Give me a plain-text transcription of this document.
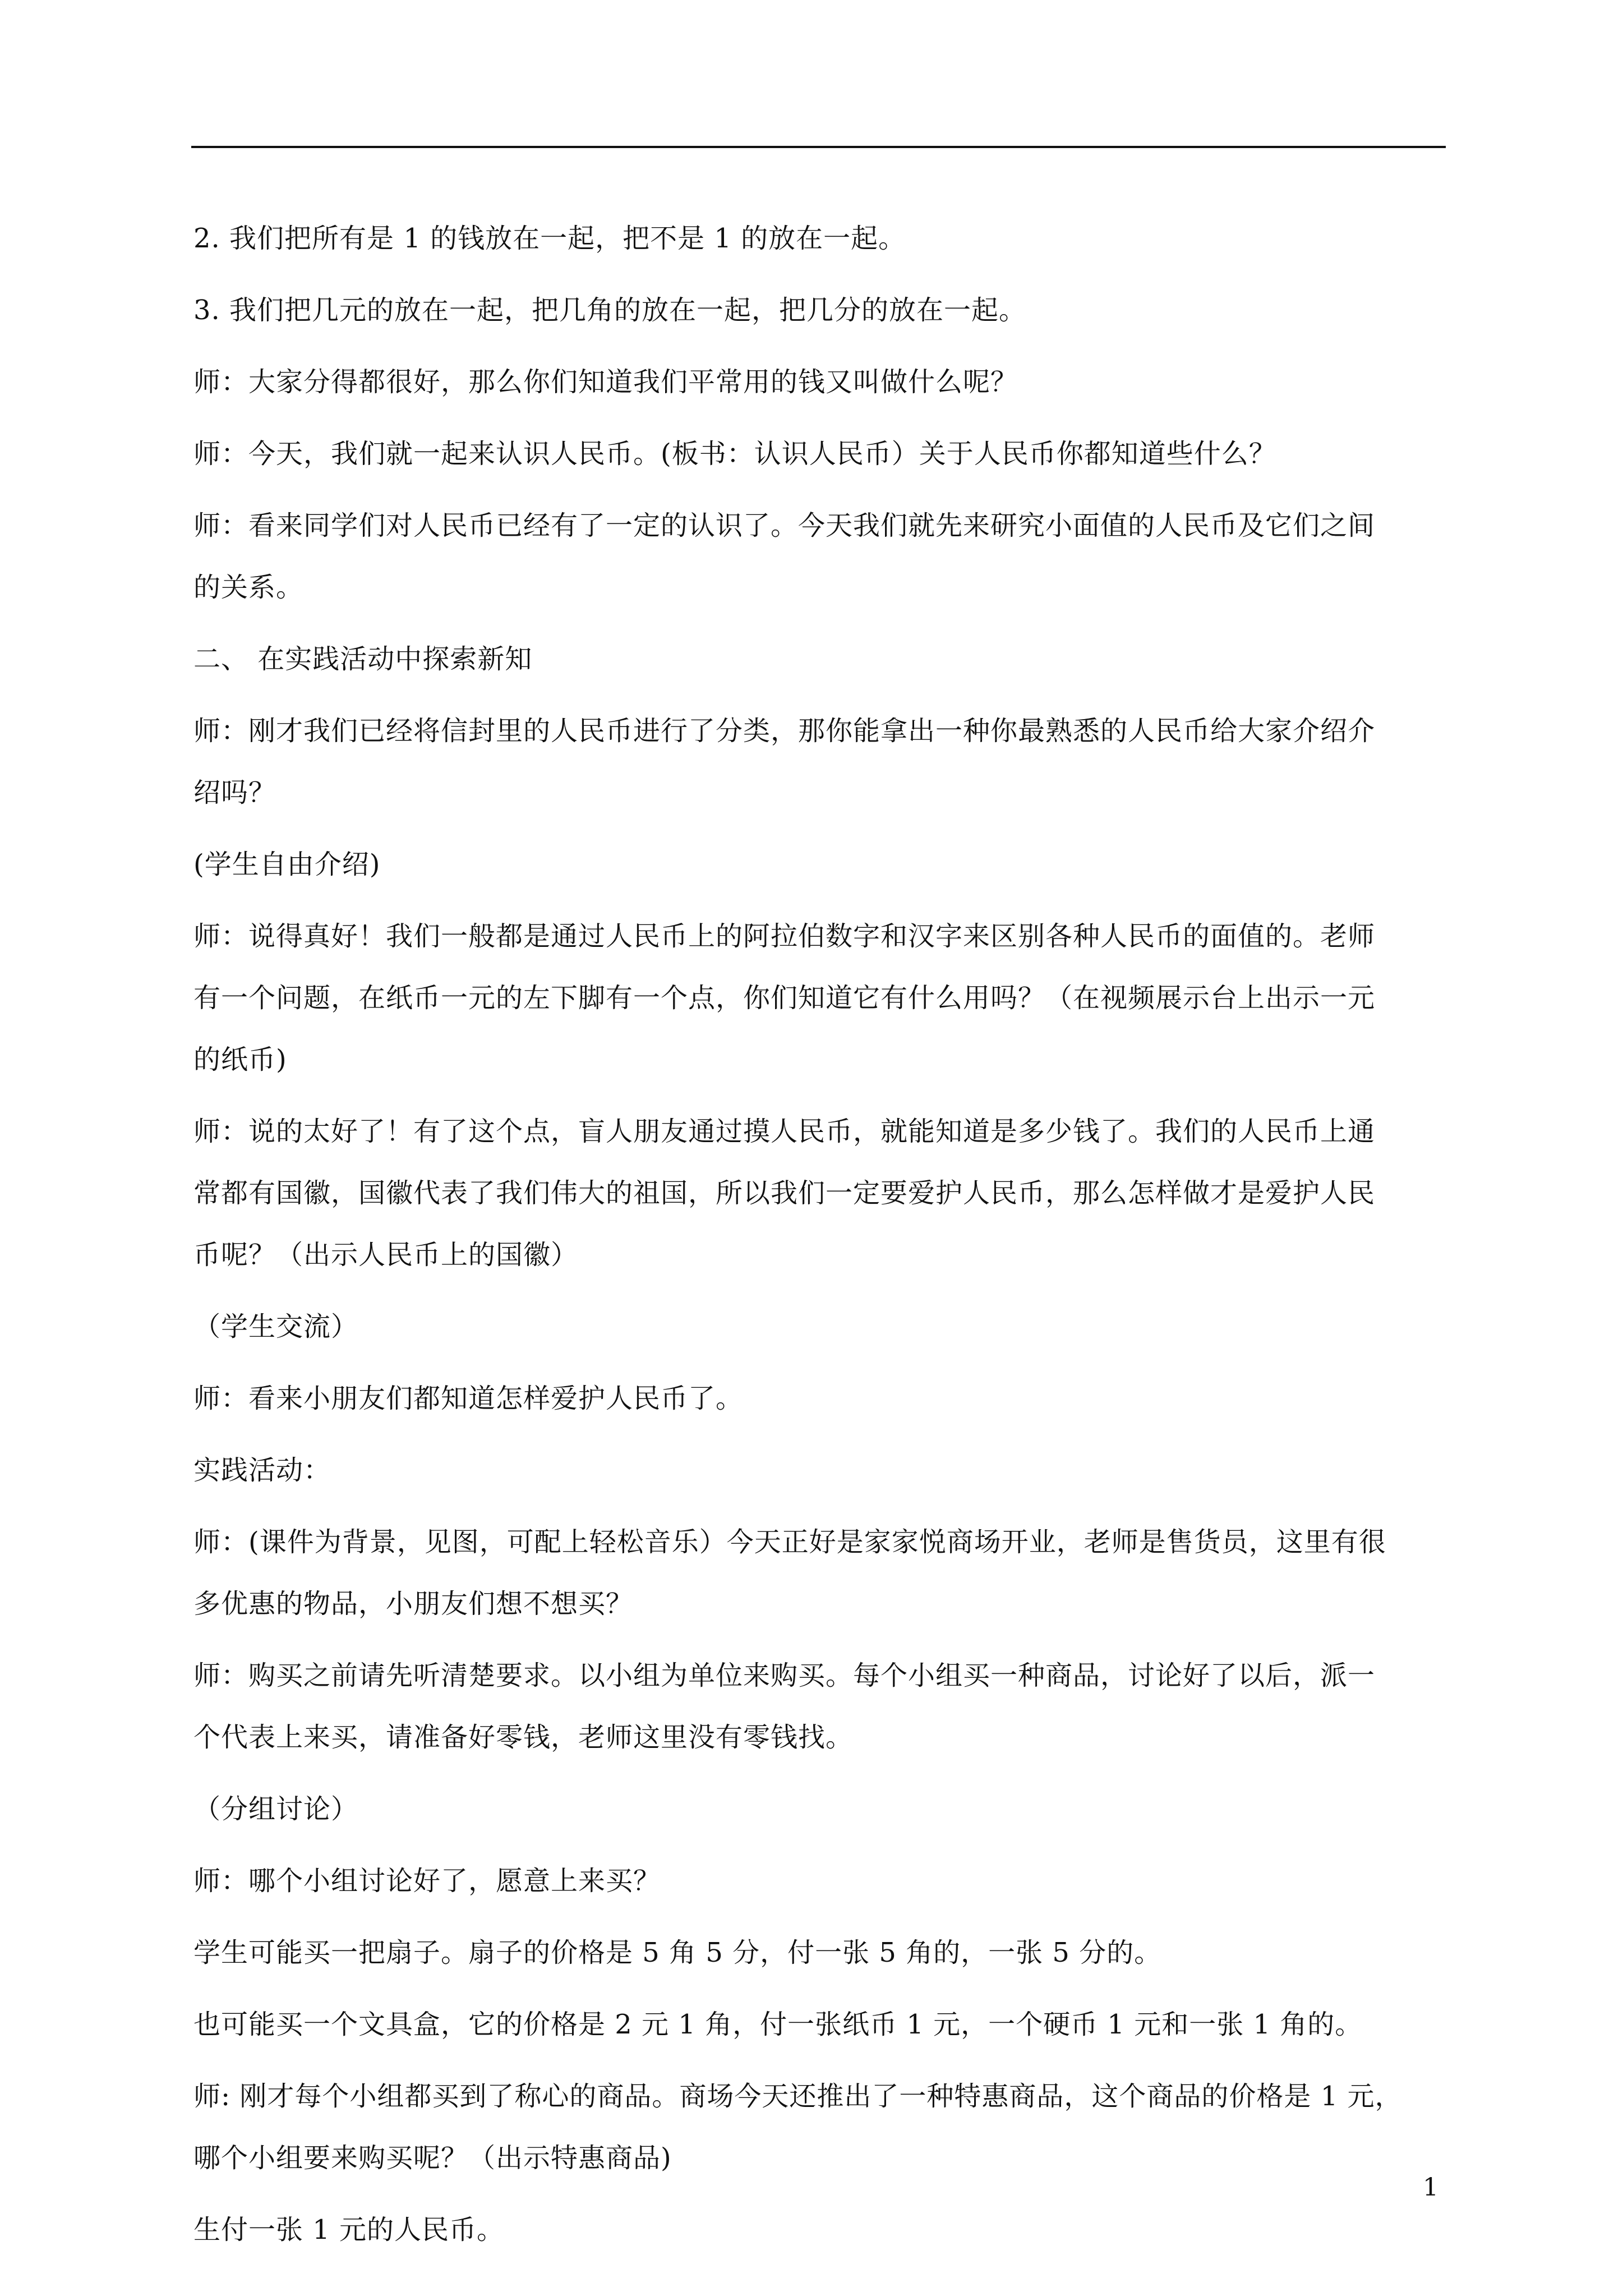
2. 我们把所有是 1 的钱放在一起，把不是 1 的放在一起。
3. 我们把几元的放在一起，把几角的放在一起，把几分的放在一起。
师：大家分得都很好，那么你们知道我们平常用的钱又叫做什么呢？
师：今天，我们就一起来认识人民币。(板书：认识人民币）关于人民币你都知道些什么？
师：看来同学们对人民币已经有了一定的认识了。今天我们就先来研究小面值的人民币及它们之间
的关系。
二、 在实践活动中探索新知
师：刚才我们已经将信封里的人民币进行了分类，那你能拿出一种你最熟悉的人民币给大家介绍介
绍吗？
(学生自由介绍)
师：说得真好！我们一般都是通过人民币上的阿拉伯数字和汉字来区别各种人民币的面值的。老师
有一个问题，在纸币一元的左下脚有一个点，你们知道它有什么用吗？（在视频展示台上出示一元
的纸币)
师：说的太好了！有了这个点，盲人朋友通过摸人民币，就能知道是多少钱了。我们的人民币上通
常都有国徽，国徽代表了我们伟大的祖国，所以我们一定要爱护人民币，那么怎样做才是爱护人民
币呢？（出示人民币上的国徽）
（学生交流）
师：看来小朋友们都知道怎样爱护人民币了。
实践活动：
师：(课件为背景，见图，可配上轻松音乐）今天正好是家家悦商场开业，老师是售货员，这里有很
多优惠的物品，小朋友们想不想买？
师：购买之前请先听清楚要求。以小组为单位来购买。每个小组买一种商品，讨论好了以后，派一
个代表上来买，请准备好零钱，老师这里没有零钱找。
（分组讨论）
师：哪个小组讨论好了，愿意上来买？
学生可能买一把扇子。扇子的价格是 5 角 5 分，付一张 5 角的，一张 5 分的。
也可能买一个文具盒，它的价格是 2 元 1 角，付一张纸币 1 元，一个硬币 1 元和一张 1 角的。
师: 刚才每个小组都买到了称心的商品。商场今天还推出了一种特惠商品，这个商品的价格是 1 元，
哪个小组要来购买呢？（出示特惠商品)
生付一张 1 元的人民币。
1
